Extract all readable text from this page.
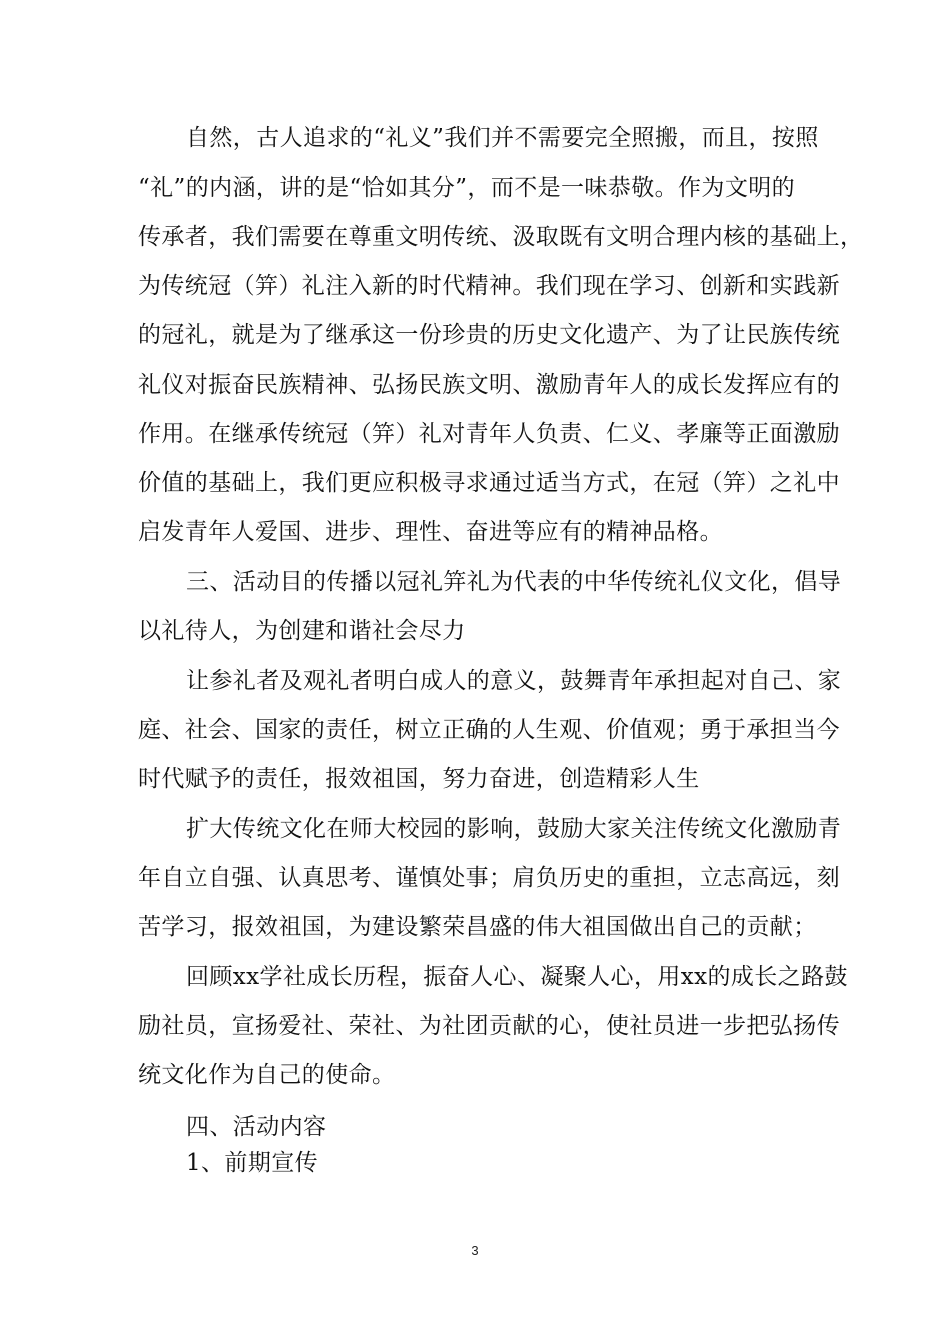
自然，古人追求的“礼义”我们并不需要完全照搬，而且，按照
“礼”的内涵，讲的是“恰如其分”，而不是一味恭敬。作为文明的
传承者，我们需要在尊重文明传统、汲取既有文明合理内核的基础上，
为传统冠（笄）礼注入新的时代精神。我们现在学习、创新和实践新
的冠礼，就是为了继承这一份珍贵的历史文化遗产、为了让民族传统
礼仪对振奋民族精神、弘扬民族文明、激励青年人的成长发挥应有的
作用。在继承传统冠（笄）礼对青年人负责、仁义、孝廉等正面激励
价值的基础上，我们更应积极寻求通过适当方式，在冠（笄）之礼中
启发青年人爱国、进步、理性、奋进等应有的精神品格。
三、活动目的传播以冠礼笄礼为代表的中华传统礼仪文化，倡导
以礼待人，为创建和谐社会尽力
让参礼者及观礼者明白成人的意义，鼓舞青年承担起对自己、家
庭、社会、国家的责任，树立正确的人生观、价值观；勇于承担当今
时代赋予的责任，报效祖国，努力奋进，创造精彩人生
扩大传统文化在师大校园的影响，鼓励大家关注传统文化激励青
年自立自强、认真思考、谨慎处事；肩负历史的重担，立志高远，刻
苦学习，报效祖国，为建设繁荣昌盛的伟大祖国做出自己的贡献；
回顾xx学社成长历程，振奋人心、凝聚人心，用xx的成长之路鼓
励社员，宣扬爱社、荣社、为社团贡献的心，使社员进一步把弘扬传
统文化作为自己的使命。
四、活动内容
1、前期宣传
3
